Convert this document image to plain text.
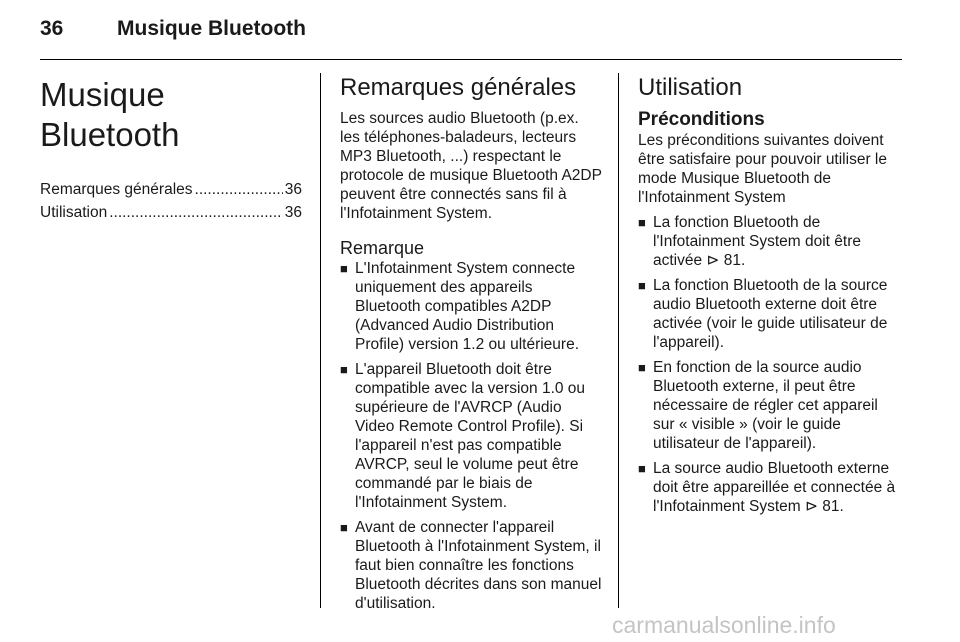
36	Musique Bluetooth
Musique Bluetooth
Remarques générales .....	36
Utilisation .....	36
Remarques générales

Les sources audio Bluetooth (p.ex. les téléphones-baladeurs, lecteurs MP3 Bluetooth, ...) respectant le protocole de musique Bluetooth A2DP peuvent être connectés sans fil à l'Infotainment System.

Remarque
■ L'Infotainment System connecte uniquement des appareils Bluetooth compatibles A2DP (Advanced Audio Distribution Profile) version 1.2 ou ultérieure.
■ L'appareil Bluetooth doit être compatible avec la version 1.0 ou supérieure de l'AVRCP (Audio Video Remote Control Profile). Si l'appareil n'est pas compatible AVRCP, seul le volume peut être commandé par le biais de l'Infotainment System.
■ Avant de connecter l'appareil Bluetooth à l'Infotainment System, il faut bien connaître les fonctions Bluetooth décrites dans son manuel d'utilisation.
Utilisation
Préconditions

Les préconditions suivantes doivent être satisfaire pour pouvoir utiliser le mode Musique Bluetooth de l'Infotainment System

■ La fonction Bluetooth de l'Infotainment System doit être activée ⊳ 81.
■ La fonction Bluetooth de la source audio Bluetooth externe doit être activée (voir le guide utilisateur de l'appareil).
■ En fonction de la source audio Bluetooth externe, il peut être nécessaire de régler cet appareil sur « visible » (voir le guide utilisateur de l'appareil).
■ La source audio Bluetooth externe doit être appareillée et connectée à l'Infotainment System ⊳ 81.
carmanualsonline.info
